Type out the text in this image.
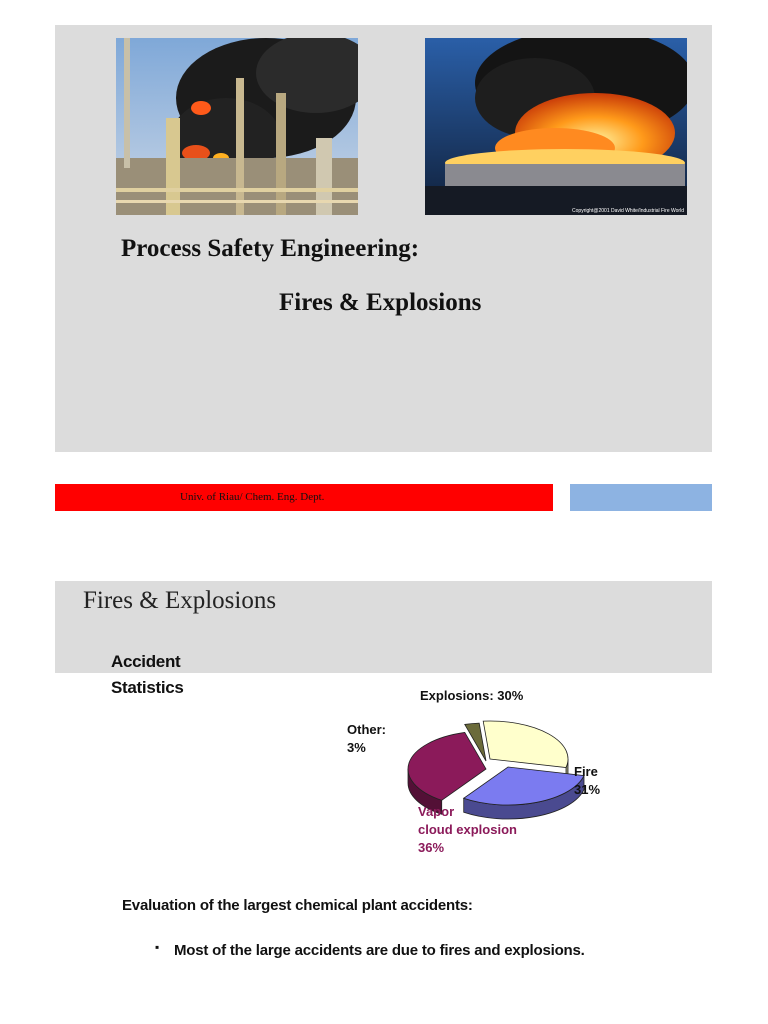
Copyright@2001 David White/Industrial Fire World
Process Safety Engineering:
Fires & Explosions
Univ. of Riau/ Chem. Eng. Dept.
Fires & Explosions
Accident
Statistics	Explosions: 30%
Other:
3%
Fire
31%
Vapor
cloud explosion
36%
Evaluation of the largest chemical plant accidents:
▪ Most of the large accidents are due to fires and explosions.
